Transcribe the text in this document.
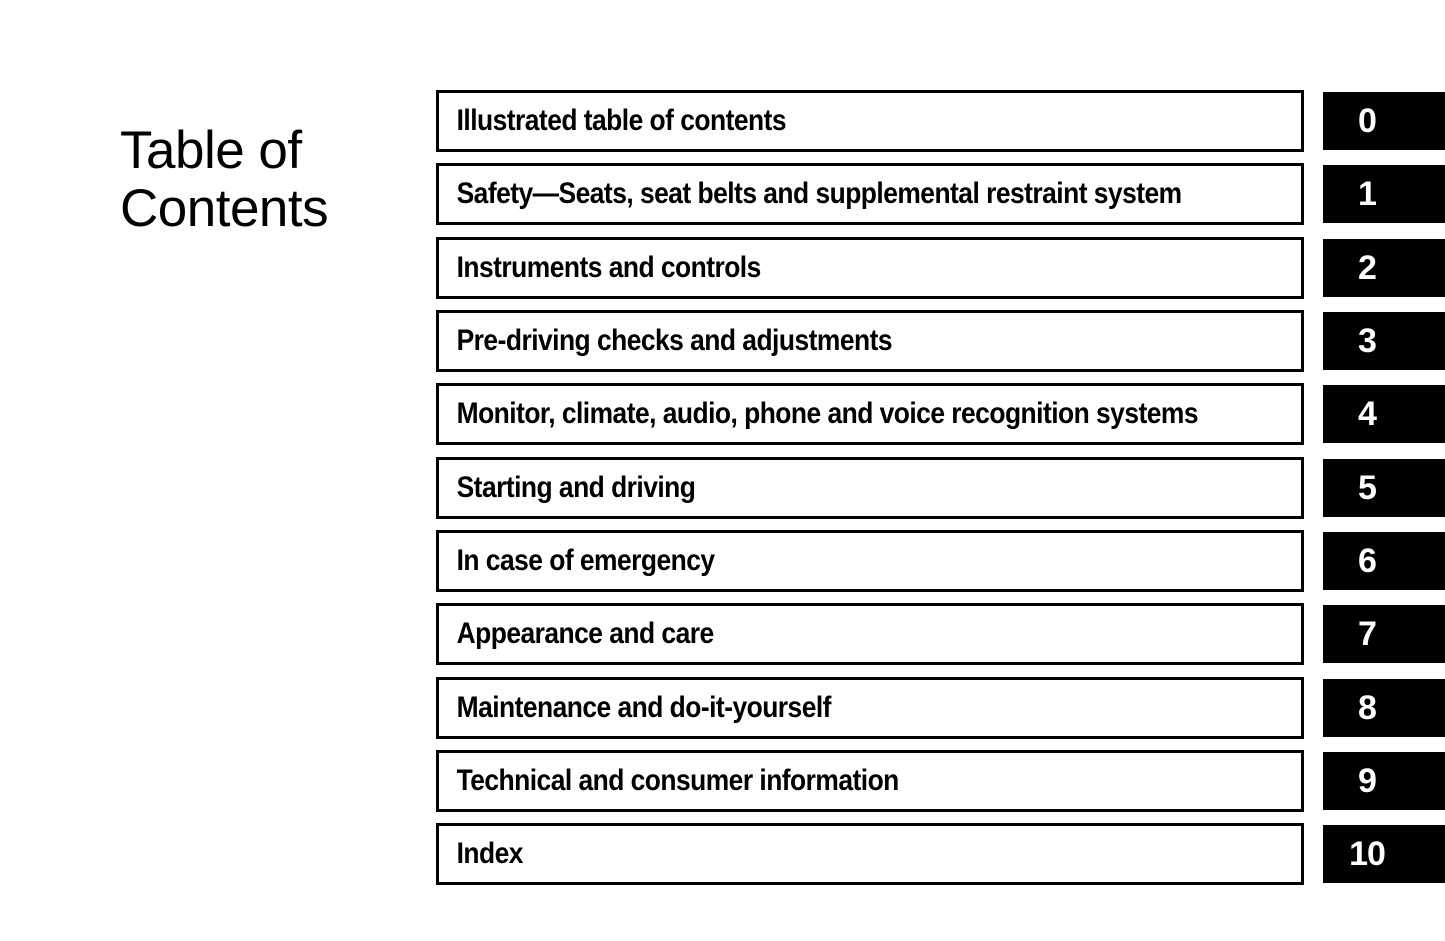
Table of
Contents
Illustrated table of contents	0
Safety—Seats, seat belts and supplemental restraint system	1
Instruments and controls	2
Pre-driving checks and adjustments	3
Monitor, climate, audio, phone and voice recognition systems	4
Starting and driving	5
In case of emergency	6
Appearance and care	7
Maintenance and do-it-yourself	8
Technical and consumer information	9
Index	10
